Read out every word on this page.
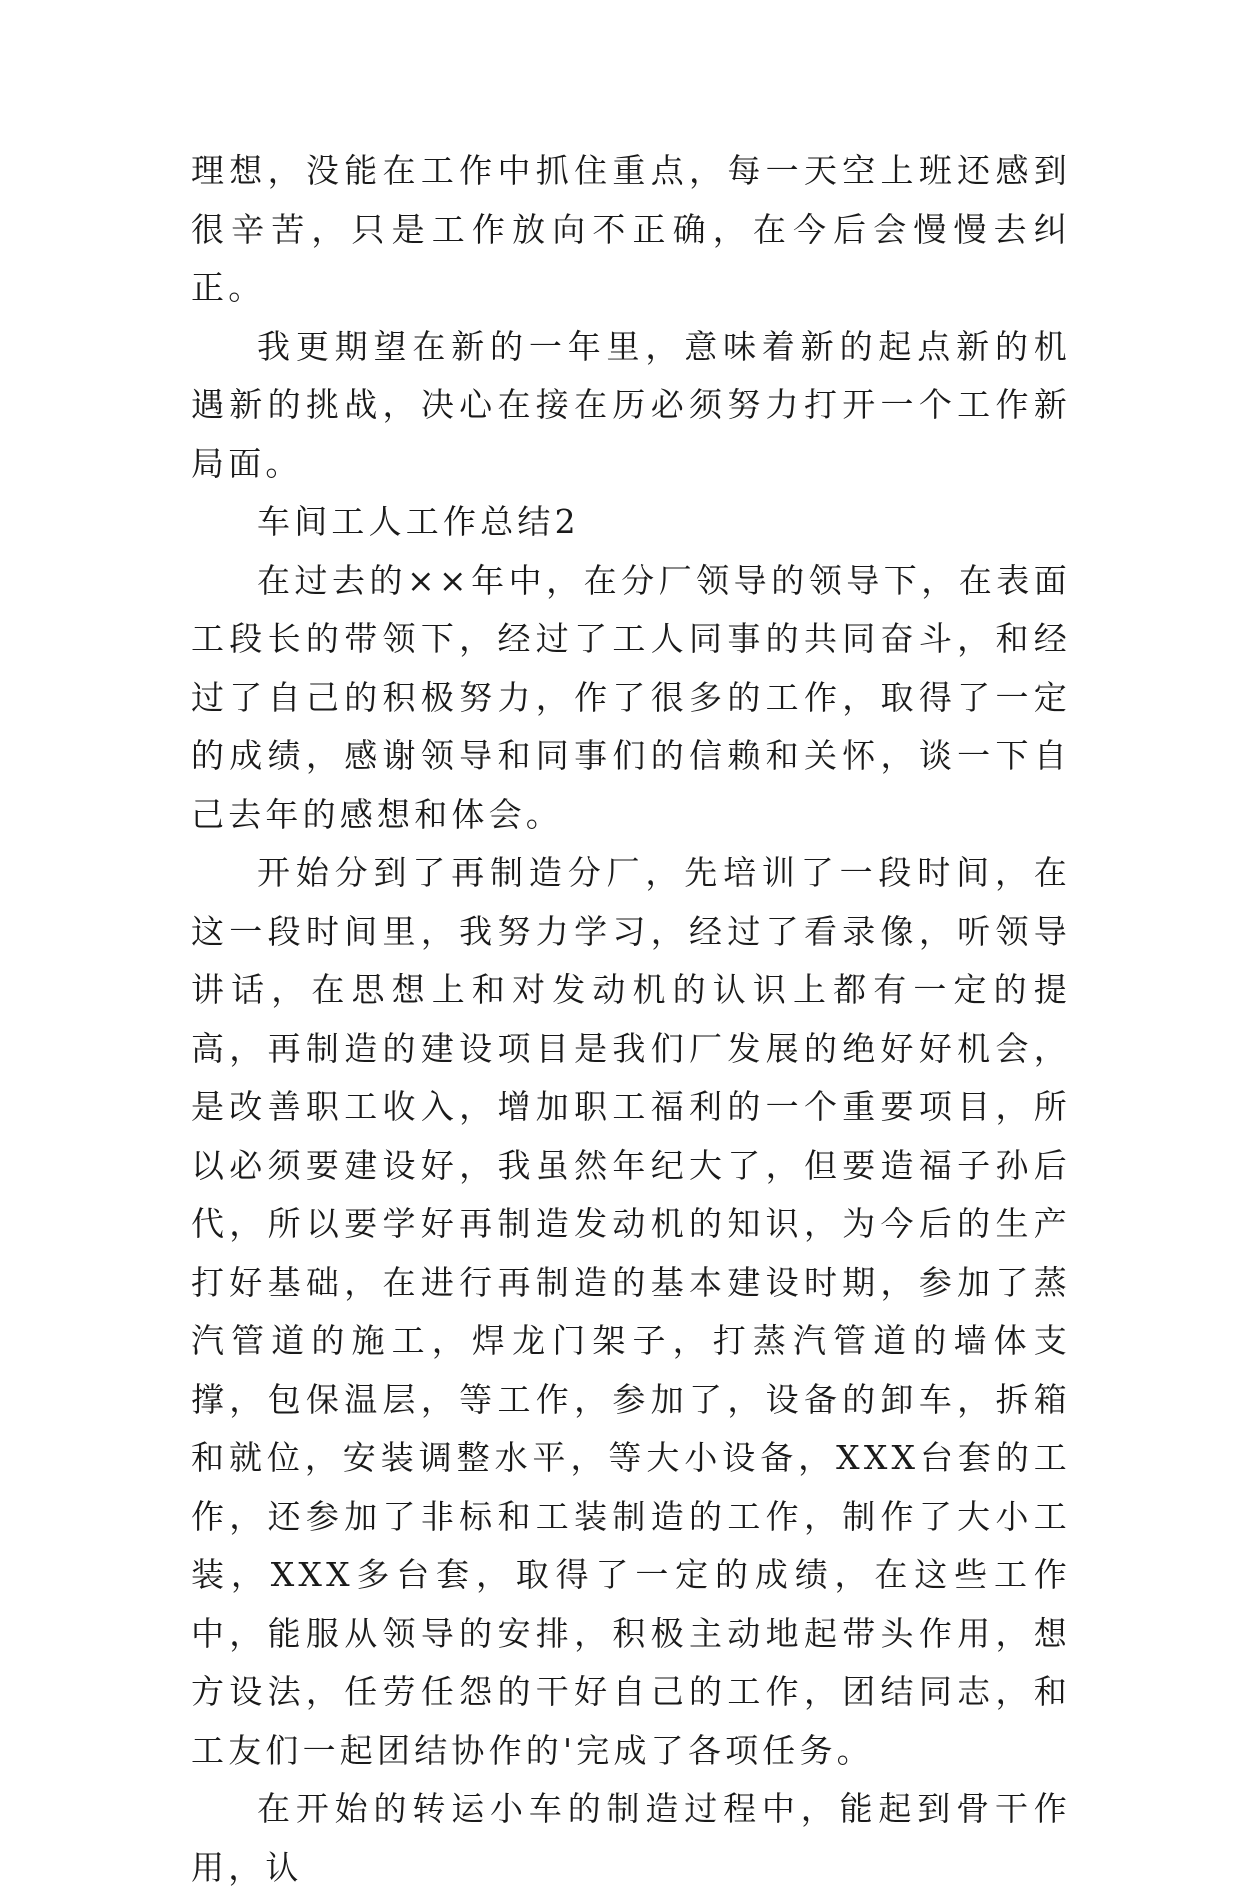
理想，没能在工作中抓住重点，每一天空上班还感到很辛苦，只是工作放向不正确，在今后会慢慢去纠正。

我更期望在新的一年里，意味着新的起点新的机遇新的挑战，决心在接在历必须努力打开一个工作新局面。

车间工人工作总结2

在过去的××年中，在分厂领导的领导下，在表面工段长的带领下，经过了工人同事的共同奋斗，和经过了自己的积极努力，作了很多的工作，取得了一定的成绩，感谢领导和同事们的信赖和关怀，谈一下自己去年的感想和体会。

开始分到了再制造分厂，先培训了一段时间，在这一段时间里，我努力学习，经过了看录像，听领导讲话，在思想上和对发动机的认识上都有一定的提高，再制造的建设项目是我们厂发展的绝好好机会，是改善职工收入，增加职工福利的一个重要项目，所以必须要建设好，我虽然年纪大了，但要造福子孙后代，所以要学好再制造发动机的知识，为今后的生产打好基础，在进行再制造的基本建设时期，参加了蒸汽管道的施工，焊龙门架子，打蒸汽管道的墙体支撑，包保温层，等工作，参加了，设备的卸车，拆箱和就位，安装调整水平，等大小设备，XXX台套的工作，还参加了非标和工装制造的工作，制作了大小工装，XXX多台套，取得了一定的成绩，在这些工作中，能服从领导的安排，积极主动地起带头作用，想方设法，任劳任怨的干好自己的工作，团结同志，和工友们一起团结协作的'完成了各项任务。

在开始的转运小车的制造过程中，能起到骨干作用，认
